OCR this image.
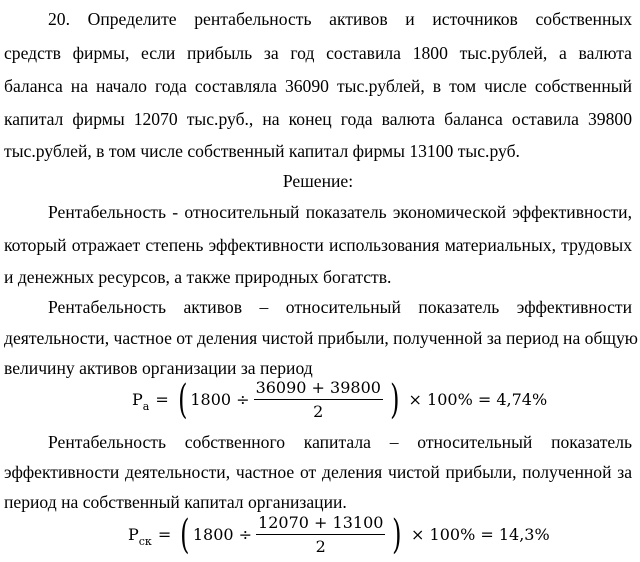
20. Определите рентабельность активов и источников собственных
средств фирмы, если прибыль за год составила 1800 тыс.рублей, а валюта
баланса на начало года составляла 36090 тыс.рублей, в том числе собственный
капитал фирмы 12070 тыс.руб., на конец года валюта баланса оставила 39800
тыс.рублей, в том числе собственный капитал фирмы 13100 тыс.руб.
Решение:
Рентабельность - относительный показатель экономической эффективности,
который отражает степень эффективности использования материальных, трудовых
и денежных ресурсов, а также природных богатств.
Рентабельность активов – относительный показатель эффективности
деятельности, частное от деления чистой прибыли, полученной за период на общую
величину активов организации за период
$Р_а$ = ( $1800 \div \frac{36090 + 39800}{2}$ ) × 100% = 4,74%
Рентабельность собственного капитала – относительный показатель
эффективности деятельности, частное от деления чистой прибыли, полученной за
период на собственный капитал организации.
$Р_{ск}$ = ( $1800 \div \frac{12070 + 13100}{2}$ ) × 100% = 14,3%
